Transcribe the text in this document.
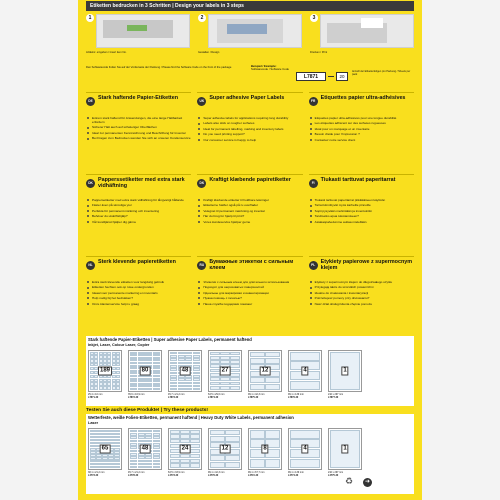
Etiketten bedrucken in 3 Schritten | Design your labels in 3 steps
1
Artikelnr. eingeben / Insert item No.
2
Gestalten / Design
3
Drucken / Print
Den Softwarecode finden Sie auf der Vorderseite der Packung / Please find the Software Code on the front of the package	Beispiel / Example:
Softwarecode / Software Code
L7871	20
Anzahl der Etikettenbögen pro Packung / Sheets per pack
DE Stark haftende Papier-Etiketten
Extrem stark haftend für Anwendungen, die eine lange Haltbarkeit erfordern
Sicherer Halt auch auf schwieriger Oberflächen
Ideal zur permanenten Kennzeichnung und Beschriftung für Inventar
Bei Fragen zum Bedrucken wenden Sie sich an unseren Kundenservice
UK Super adhesive Paper Labels
Super adhesive labels for applications requiring long durability
Labels also stick on rougher surfaces
Ideal for permanent labelling, marking and inventory labels
Do you need printing support?
Our consumer service is happy to help
FR Etiquettes papier ultra-adhésives
Etiquettes papier ultra-adhésives pour une longue durabilité
Les étiquettes adhèrent sur des surfaces rugueuses
Idéal pour un marquage et un inventaire
Besoin d'aide pour l'impression ?
Contactez notre service client
DK Papperssetiketter med extra stark vidhäftning
Pappersetiketter med extra stark vidhäftning för långvarigt hållande
Fäster även på skrovliga ytor
Perfekta för permanent märkning och inventering
Behöver du utskriftshjälp?
Vår kundtjänst hjälper dig gärna
DK Kraftigt klæbende papiretiketter
Kraftigt klæbende etiketter til holdbare løsninger
Etiketterne hæfter også på ru overflader
Velegnet til permanent mærkning og inventar
Har du brug for hjælp til print?
Vores kundeservice hjælper gerne
FI	Tiukasti tarttuvat paperitarrat
Tiukasti tarttuvat paperitarrat pitkäikäiseen käyttöön
Tarrat kiinnittyvät myös karheille pinnoille
Sopii pysyvään merkintään ja inventointiin
Tarvitsetko apua tulostamiseen?
Asiakaspalvelumme auttaa mielellään
NL Sterk klevende papieretiketten
Extra sterk klevende etiketten voor langdurig gebruik
Etiketten hechten ook op ruwe ondergronden
Ideaal voor permanente markering en inventaris
Hulp nodig bij het bedrukken?
Onze klantenservice helpt u graag
RU Бумажные этикетки с сильным клеем
Этикетки с сильным клеем для длительного использования
Подходят для шероховатых поверхностей
Идеальны для маркировки и инвентаризации
Нужна помощь с печатью?
Наша служба поддержки поможет
PL	Etykiety papierowe z supermocnym klejem
Etykiety z supermocnym klejem do długotrwałego użytku
Przylegają także do szorstkich powierzchni
Idealne do znakowania i inwentaryzacji
Potrzebujesz pomocy przy drukowaniu?
Nasz dział obsługi klienta chętnie pomoże
Stark haftende Papier-Etiketten | Super adhesive Paper Labels, permanent haftend
Inkjet, Laser, Colour Laser, Copier
189
25,4 x 10 mm
L7871-20
80
35,6 x 16,9 mm
L7872-20
48
45,7 x 21,2 mm
L7873-20
27
63,5 x 29,6 mm
L7874-20
12
99,1 x 42,3 mm
L7875-20
4
99,1 x 139 mm
L7876-20
1
210 x 297 mm
L7877-20
Testen Sie auch diese Produkte! | Try these products!
Wetterfeste, weiße Folien-Etiketten, permanent haftend | Heavy Duty White Labels, permanent adhesion
Laser
65
38,1 x 21,2 mm
L4773-20
48
45,7 x 21,2 mm
L4778-20
24
63,5 x 33,9 mm
L4773-20
12
99,1 x 42,3 mm
L4776-20
8
99,1 x 67,7 mm
L4715-20
4
99,1 x 139 mm
L4774-20
1
210 x 297 mm
L4775-20
♻	➜
